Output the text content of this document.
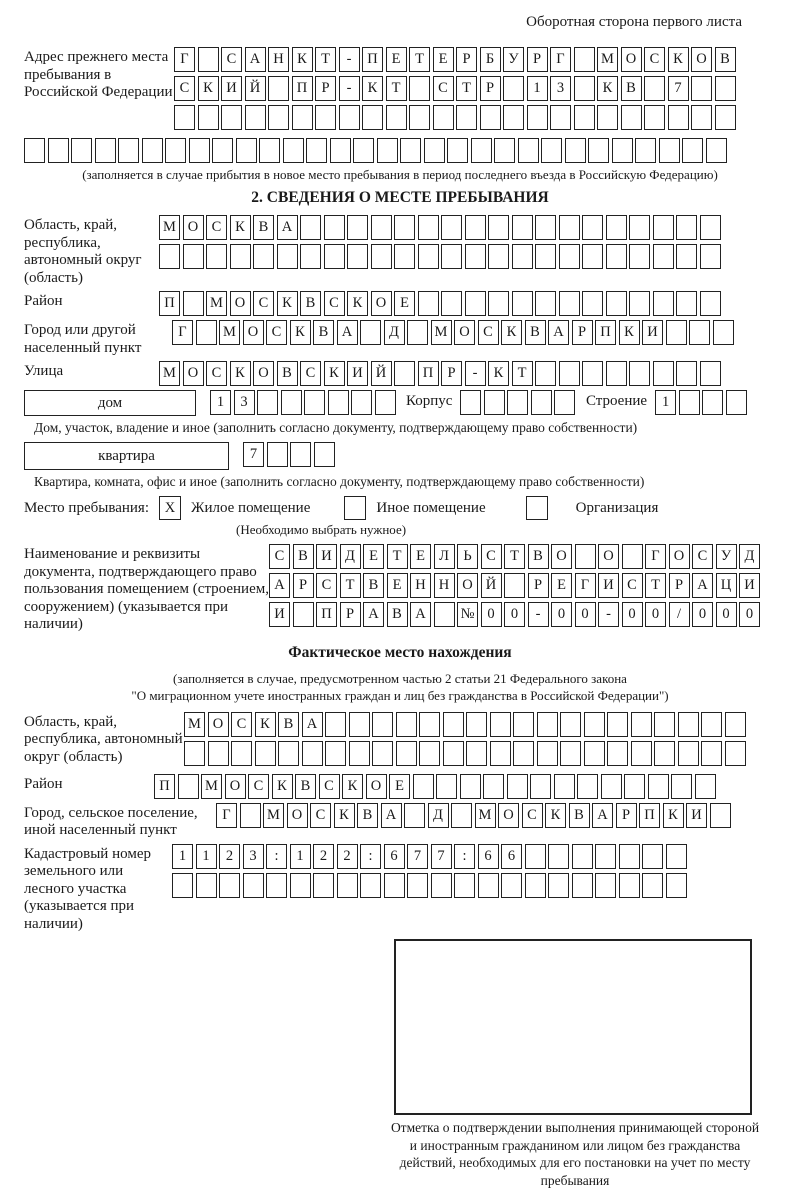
Оборотная сторона первого листа
Адрес прежнего места пребывания в Российской Федерации
Г	С А Н К Т	-	П Е	Т	Е	Р	Б У Р	Г	М О С К О В
С К И Й	П Р	-	К Т	С Т	Р	1	3	К В	7
(заполняется в случае прибытия в новое место пребывания в период последнего въезда в Российскую Федерацию)
2. СВЕДЕНИЯ О МЕСТЕ ПРЕБЫВАНИЯ
Область, край, республика, автономный округ (область)
М О С К В А
Район	П	М О С К В С К О Е
Город или другой населенный пункт
Г	М О С К В А	Д	М О С К В А Р П К И
Улица	М О С К О В С К И Й	П Р	-	К Т
дом	1	3	Корпус	Строение	1
Дом, участок, владение и иное (заполнить согласно документу, подтверждающему право собственности)
квартира	7
Квартира, комната, офис и иное (заполнить согласно документу, подтверждающему право собственности)
Место пребывания:	X	Жилое помещение	Иное помещение	Организация
(Необходимо выбрать нужное)
Наименование и реквизиты документа, подтверждающего право пользования помещением (строением, сооружением) (указывается при наличии)
С В И Д Е	Т	Е Л Ь	С Т В О	О	Г О С У Д
А Р	С Т В Е Н Н О Й	Р	Е	Г И С Т	Р А Ц И
И	П Р А В А	№ 0	0	-	0	0	-	0	0	/	0	0	0
Фактическое место нахождения
(заполняется в случае, предусмотренном частью 2 статьи 21 Федерального закона
"О миграционном учете иностранных граждан и лиц без гражданства в Российской Федерации")
Область, край, республика, автономный округ (область)
М О С К В А
Район	П	М О С К В С К О Е
Город, сельское поселение, иной населенный пункт
Г	М О С К В А	Д	М О С К В А Р П К И
Кадастровый номер земельного или лесного участка (указывается при наличии)
1	1	2	3	:	1	2	2	:	6	7	7	:	6	6
Отметка о подтверждении выполнения принимающей стороной и иностранным гражданином или лицом без гражданства действий, необходимых для его постановки на учет по месту пребывания
